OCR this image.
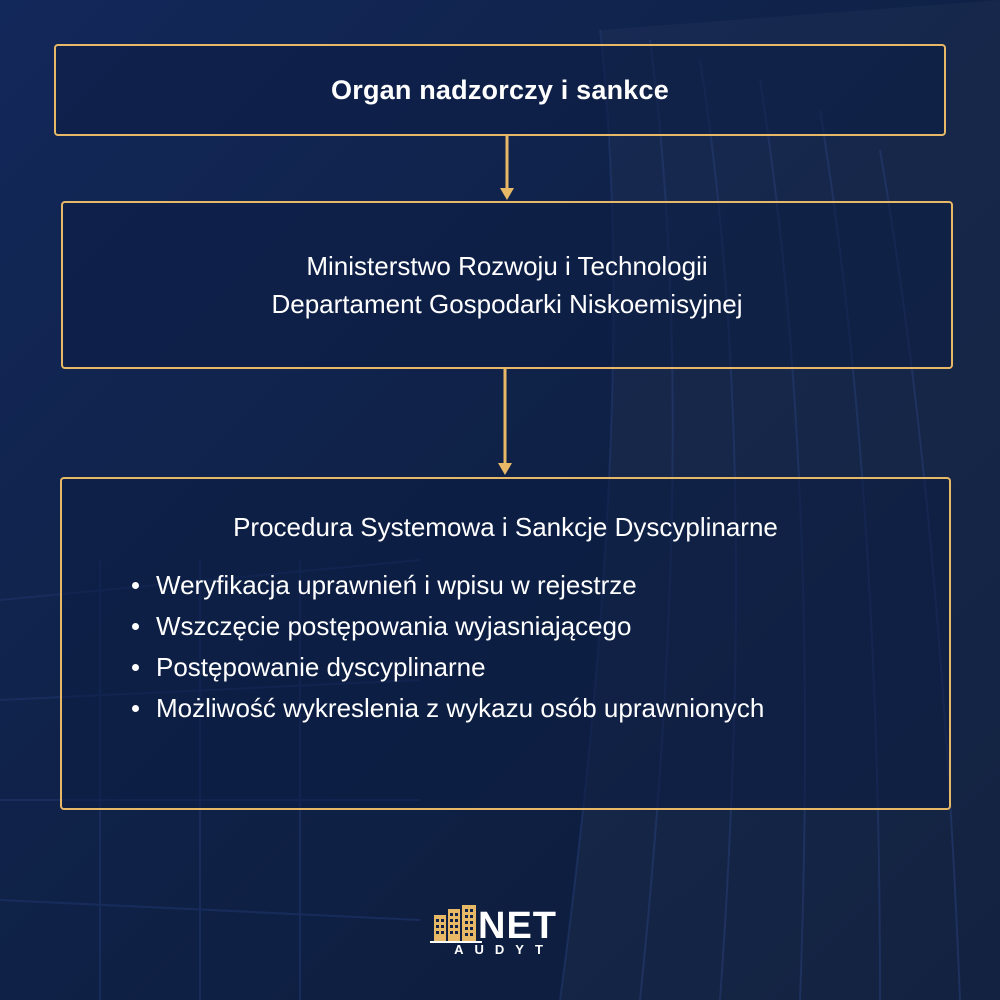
Organ nadzorczy i sankce
Ministerstwo Rozwoju i Technologii
Departament Gospodarki Niskoemisyjnej
Procedura Systemowa i Sankcje Dyscyplinarne
Weryfikacja uprawnień i wpisu w rejestrze
Wszczęcie postępowania wyjasniającego
Postępowanie dyscyplinarne
Możliwość wykreslenia z wykazu osób uprawnionych
NET
AUDYT
